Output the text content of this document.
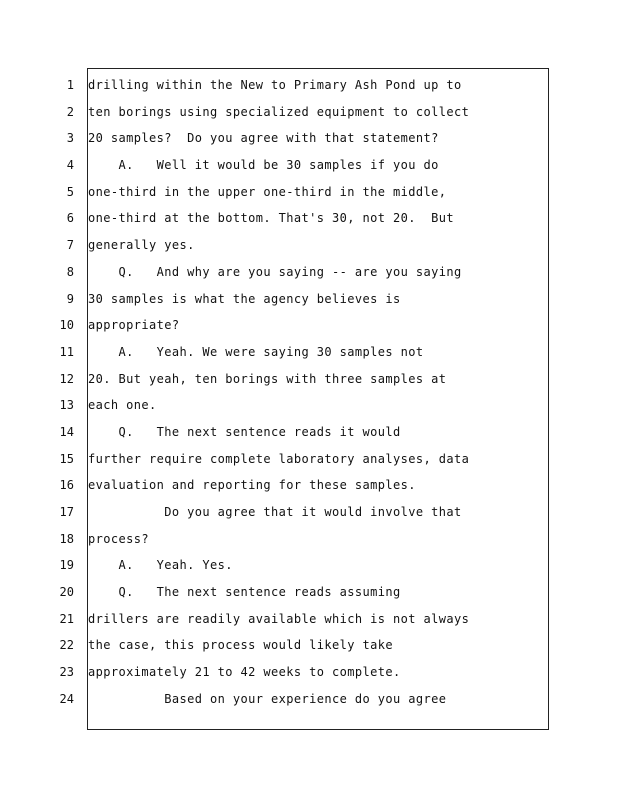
1
2
3
4
5
6
7
8
9
10
11
12
13
14
15
16
17
18
19
20
21
22
23
24
drilling within the New to Primary Ash Pond up to
ten borings using specialized equipment to collect
20 samples?  Do you agree with that statement?
A.   Well it would be 30 samples if you do
one-third in the upper one-third in the middle,
one-third at the bottom. That's 30, not 20.  But
generally yes.
Q.   And why are you saying -- are you saying
30 samples is what the agency believes is
appropriate?
A.   Yeah. We were saying 30 samples not
20. But yeah, ten borings with three samples at
each one.
Q.   The next sentence reads it would
further require complete laboratory analyses, data
evaluation and reporting for these samples.
Do you agree that it would involve that
process?
A.   Yeah. Yes.
Q.   The next sentence reads assuming
drillers are readily available which is not always
the case, this process would likely take
approximately 21 to 42 weeks to complete.
Based on your experience do you agree
